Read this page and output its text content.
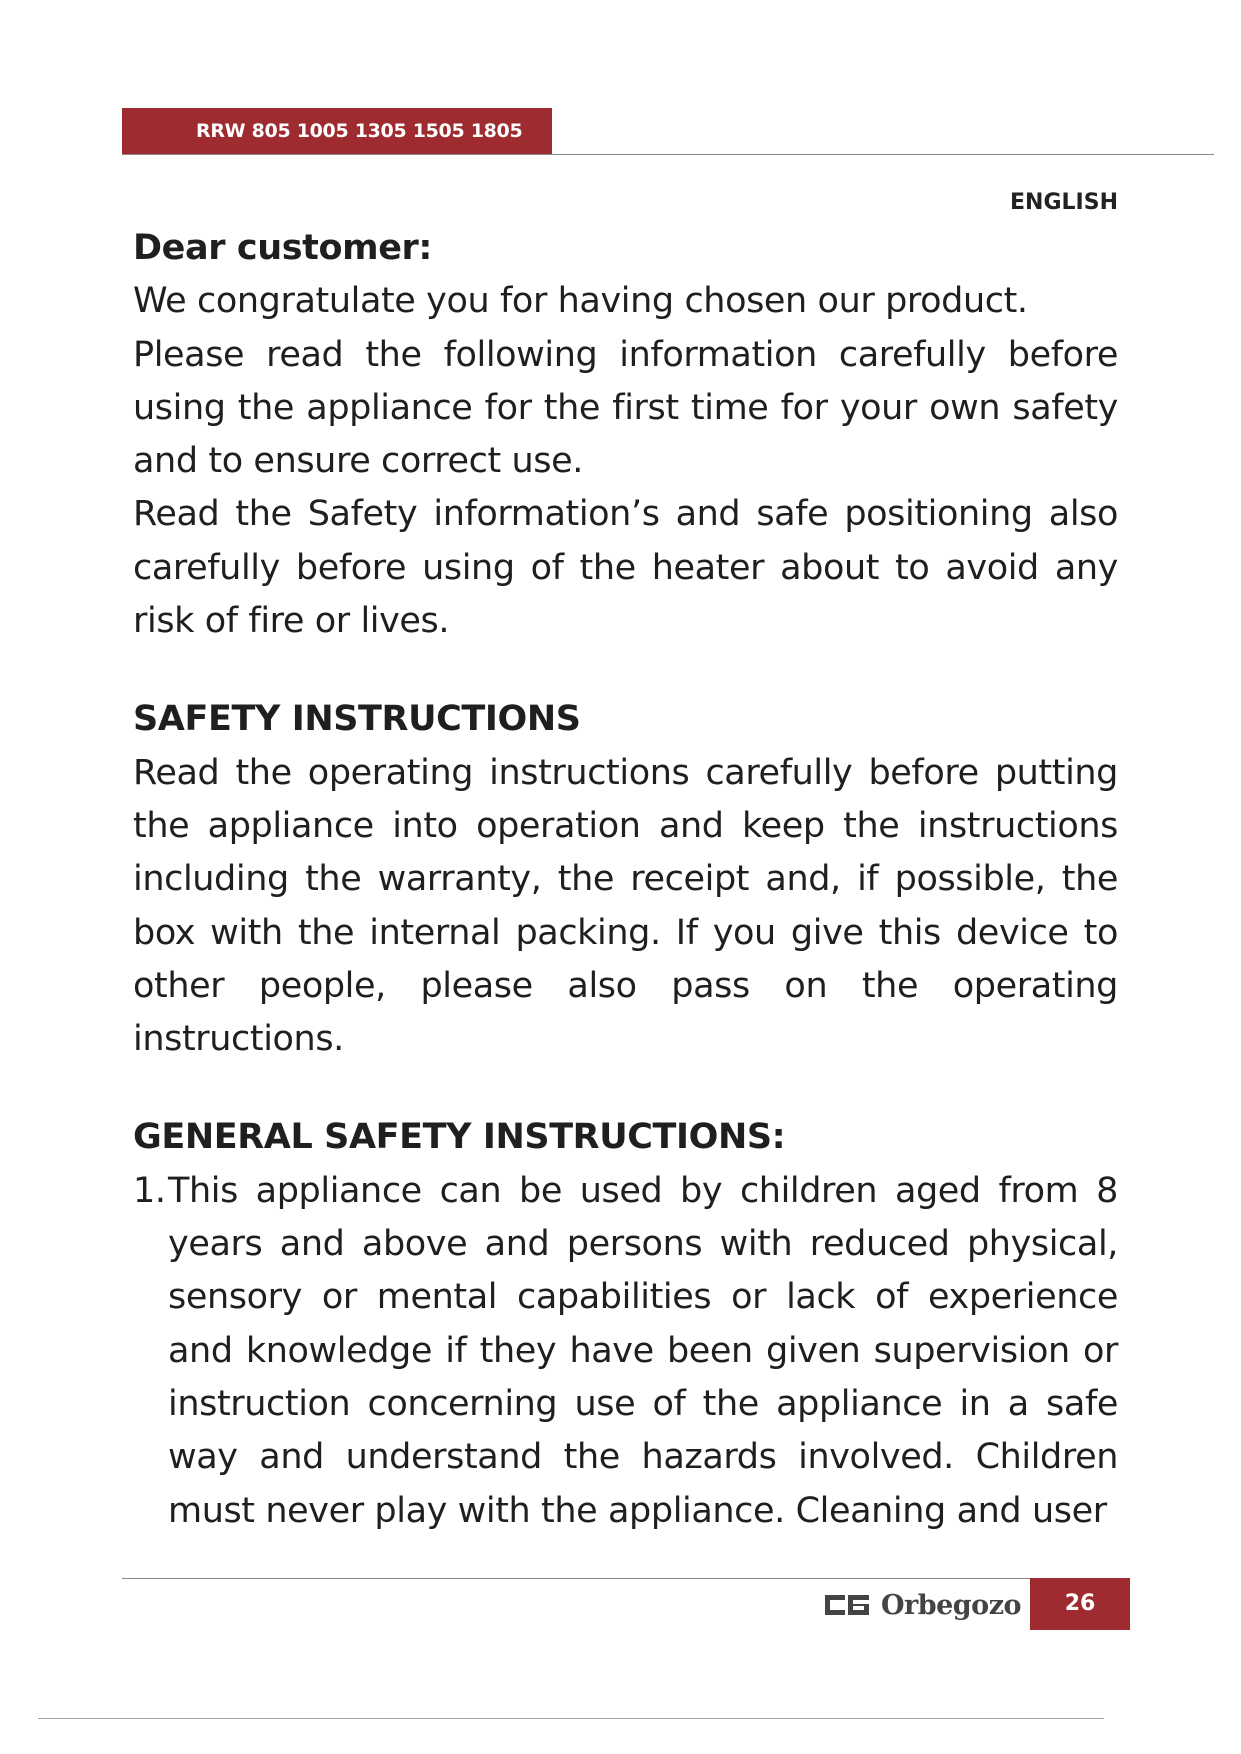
RRW 805 1005 1305 1505 1805
ENGLISH
Dear customer:

We congratulate you for having chosen our product.

Please read the following information carefully before using the appliance for the first time for your own safety and to ensure correct use.

Read the Safety information’s and safe positioning also carefully before using of the heater about to avoid any risk of fire or lives.

SAFETY INSTRUCTIONS

Read the operating instructions carefully before putting the appliance into operation and keep the instructions including the warranty, the receipt and, if possible, the box with the internal packing. If you give this device to other people, please also pass on the operating instructions.

GENERAL SAFETY INSTRUCTIONS:
1. This appliance can be used by children aged from 8 years and above and persons with reduced physical, sensory or mental capabilities or lack of experience and knowledge if they have been given supervision or instruction concerning use of the appliance in a safe way and understand the hazards involved. Children must never play with the appliance. Cleaning and user
Orbegozo	26
